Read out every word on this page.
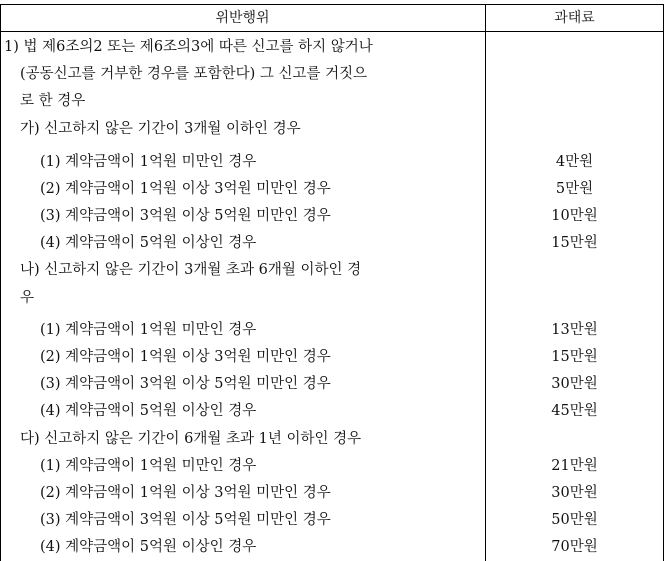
위반행위	과태료
1) 법 제6조의2 또는 제6조의3에 따른 신고를 하지 않거나
(공동신고를 거부한 경우를 포함한다) 그 신고를 거짓으
로 한 경우
가) 신고하지 않은 기간이 3개월 이하인 경우
(1) 계약금액이 1억원 미만인 경우	4만원
(2) 계약금액이 1억원 이상 3억원 미만인 경우	5만원
(3) 계약금액이 3억원 이상 5억원 미만인 경우	10만원
(4) 계약금액이 5억원 이상인 경우	15만원
나) 신고하지 않은 기간이 3개월 초과 6개월 이하인 경
우
(1) 계약금액이 1억원 미만인 경우	13만원
(2) 계약금액이 1억원 이상 3억원 미만인 경우	15만원
(3) 계약금액이 3억원 이상 5억원 미만인 경우	30만원
(4) 계약금액이 5억원 이상인 경우	45만원
다) 신고하지 않은 기간이 6개월 초과 1년 이하인 경우
(1) 계약금액이 1억원 미만인 경우	21만원
(2) 계약금액이 1억원 이상 3억원 미만인 경우	30만원
(3) 계약금액이 3억원 이상 5억원 미만인 경우	50만원
(4) 계약금액이 5억원 이상인 경우	70만원
